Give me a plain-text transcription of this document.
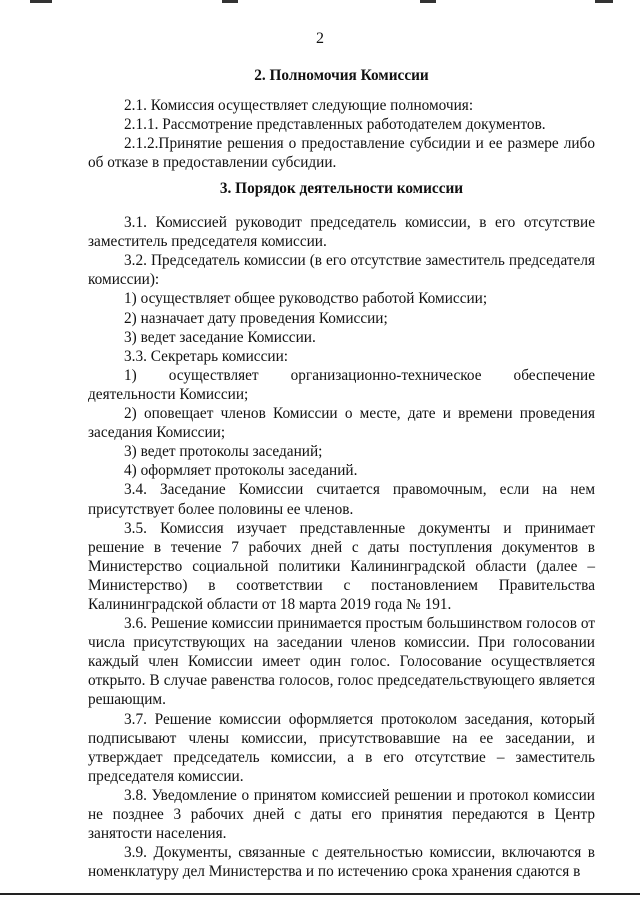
2

2. Полномочия Комиссии

2.1. Комиссия осуществляет следующие полномочия:

2.1.1. Рассмотрение представленных работодателем документов.

2.1.2.Принятие решения о предоставление субсидии и ее размере либо об отказе в предоставлении субсидии.

3. Порядок деятельности комиссии

3.1. Комиссией руководит председатель комиссии, в его отсутствие заместитель председателя комиссии.

3.2. Председатель комиссии (в его отсутствие заместитель председателя комиссии):

1) осуществляет общее руководство работой Комиссии;

2) назначает дату проведения Комиссии;

3) ведет заседание Комиссии.

3.3. Секретарь комиссии:

1) осуществляет организационно-техническое обеспечение деятельности Комиссии;

2) оповещает членов Комиссии о месте, дате и времени проведения заседания Комиссии;

3) ведет протоколы заседаний;

4) оформляет протоколы заседаний.

3.4. Заседание Комиссии считается правомочным, если на нем присутствует более половины ее членов.

3.5. Комиссия изучает представленные документы и принимает решение в течение 7 рабочих дней с даты поступления документов в Министерство социальной политики Калининградской области (далее – Министерство) в соответствии с постановлением Правительства Калининградской области от 18 марта 2019 года № 191.

3.6. Решение комиссии принимается простым большинством голосов от числа присутствующих на заседании членов комиссии. При голосовании каждый член Комиссии имеет один голос. Голосование осуществляется открыто. В случае равенства голосов, голос председательствующего является решающим.

3.7. Решение комиссии оформляется протоколом заседания, который подписывают члены комиссии, присутствовавшие на ее заседании, и утверждает председатель комиссии, а в его отсутствие – заместитель председателя комиссии.

3.8. Уведомление о принятом комиссией решении и протокол комиссии не позднее 3 рабочих дней с даты его принятия передаются в Центр занятости населения.

3.9. Документы, связанные с деятельностью комиссии, включаются в номенклатуру дел Министерства и по истечению срока хранения сдаются в
